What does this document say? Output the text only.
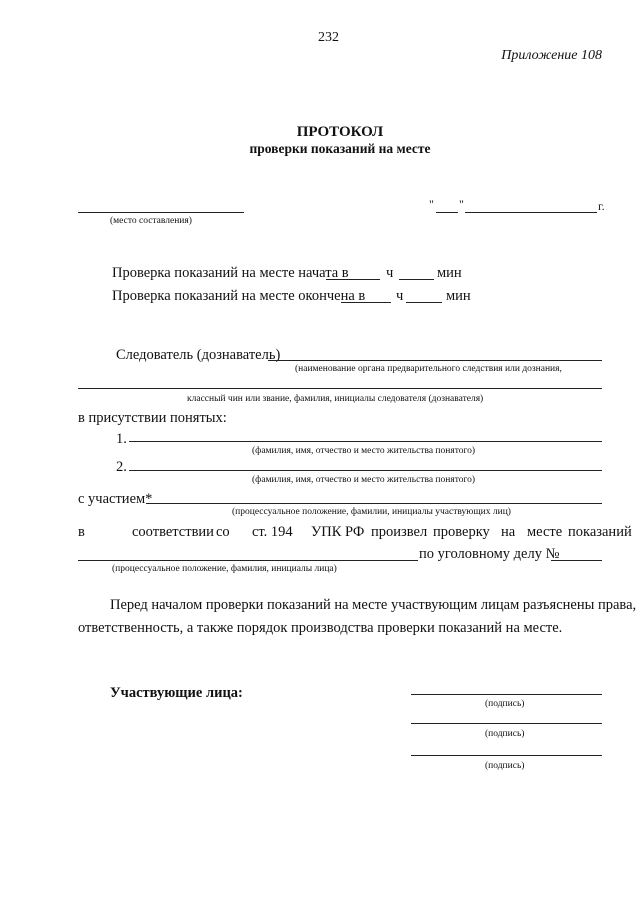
232
Приложение 108
ПРОТОКОЛ
проверки показаний на месте
(место составления)
" "	г.
Проверка показаний на месте начата в	ч	мин
Проверка показаний на месте окончена в ч	мин
Следователь (дознаватель)
(наименование органа предварительного следствия или дознания,
классный чин или звание, фамилия, инициалы следователя (дознавателя)
в присутствии понятых:
1.
(фамилия, имя, отчество и место жительства понятого)
2.
(фамилия, имя, отчество и место жительства понятого)
с участием*
(процессуальное положение, фамилии, инициалы участвующих лиц)
в	соответствии со ст. 194 УПК РФ произвел проверку на месте показаний
по уголовному делу №
(процессуальное положение, фамилия, инициалы лица)
Перед началом проверки показаний на месте участвующим лицам разъяснены права,
ответственность, а также порядок производства проверки показаний на месте.
Участвующие лица:
(подпись)
(подпись)
(подпись)
